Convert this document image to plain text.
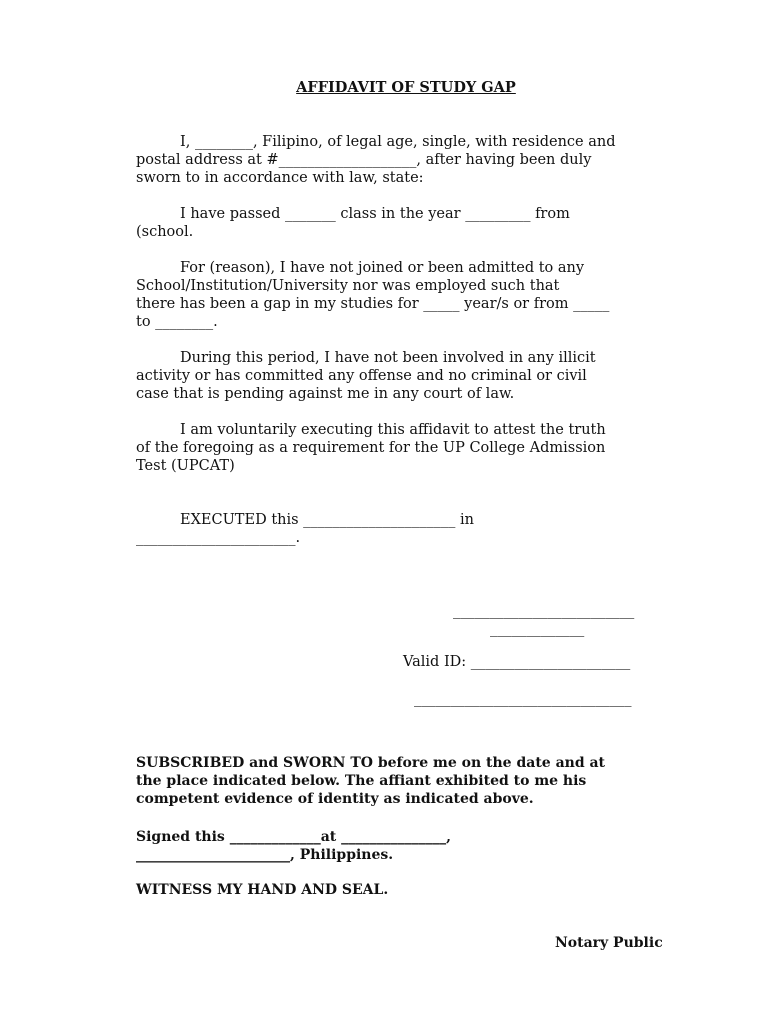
AFFIDAVIT OF STUDY GAP
I, ________, Filipino, of legal age, single, with residence and
postal address at #___________________, after having been duly
sworn to in accordance with law, state:
I have passed _______ class in the year _________ from
(school.
For (reason), I have not joined or been admitted to any
School/Institution/University nor was employed such that
there has been a gap in my studies for _____ year/s or from _____
to ________.
During this period, I have not been involved in any illicit
activity or has committed any offense and no criminal or civil
case that is pending against me in any court of law.
I am voluntarily executing this affidavit to attest the truth
of the foregoing as a requirement for the UP College Admission
Test (UPCAT)
EXECUTED this _____________________ in
______________________.
_________________________
_____________
Valid ID: ______________________
______________________________
SUBSCRIBED and SWORN TO before me on the date and at
the place indicated below. The affiant exhibited to me his
competent evidence of identity as indicated above.
Signed this _____________at _______________,
______________________, Philippines.
WITNESS MY HAND AND SEAL.
Notary Public
